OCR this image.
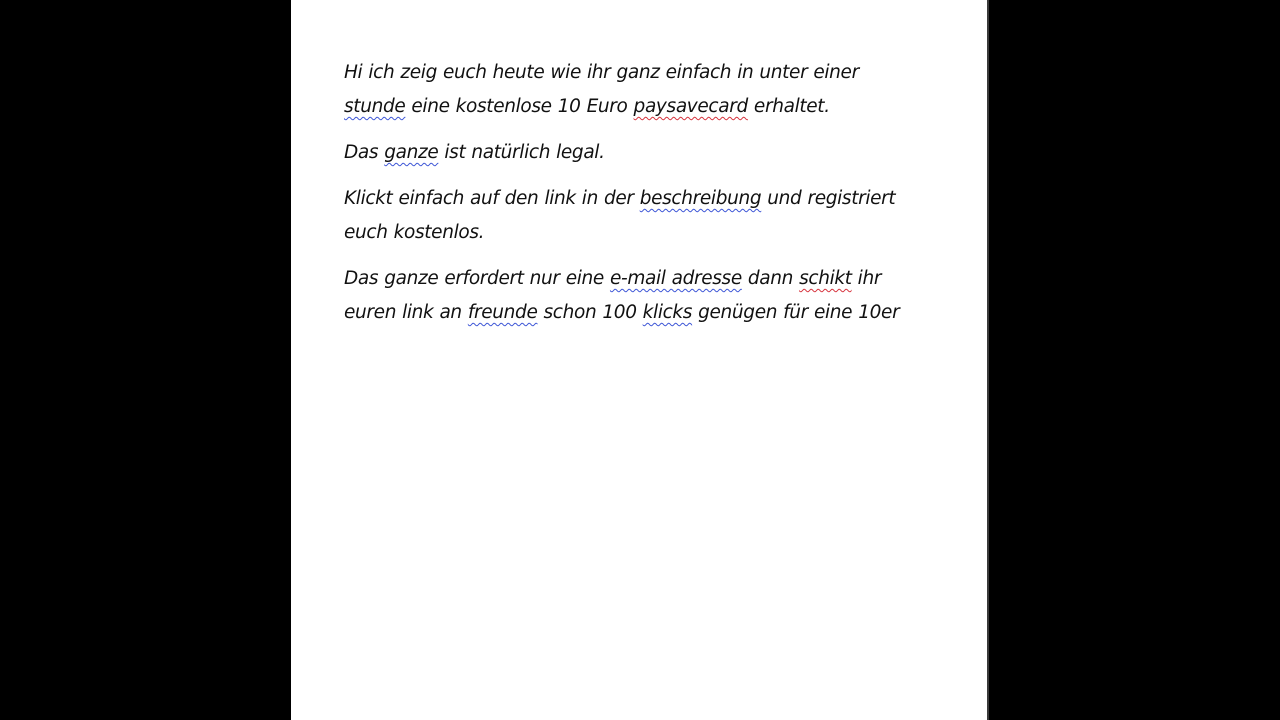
Hi ich zeig euch heute wie ihr ganz einfach in unter einer
stunde eine kostenlose 10 Euro paysavecard erhaltet.

Das ganze ist natürlich legal.

Klickt einfach auf den link in der beschreibung und registriert
euch kostenlos.

Das ganze erfordert nur eine e-mail adresse dann schikt ihr
euren link an freunde schon 100 klicks genügen für eine 10er
